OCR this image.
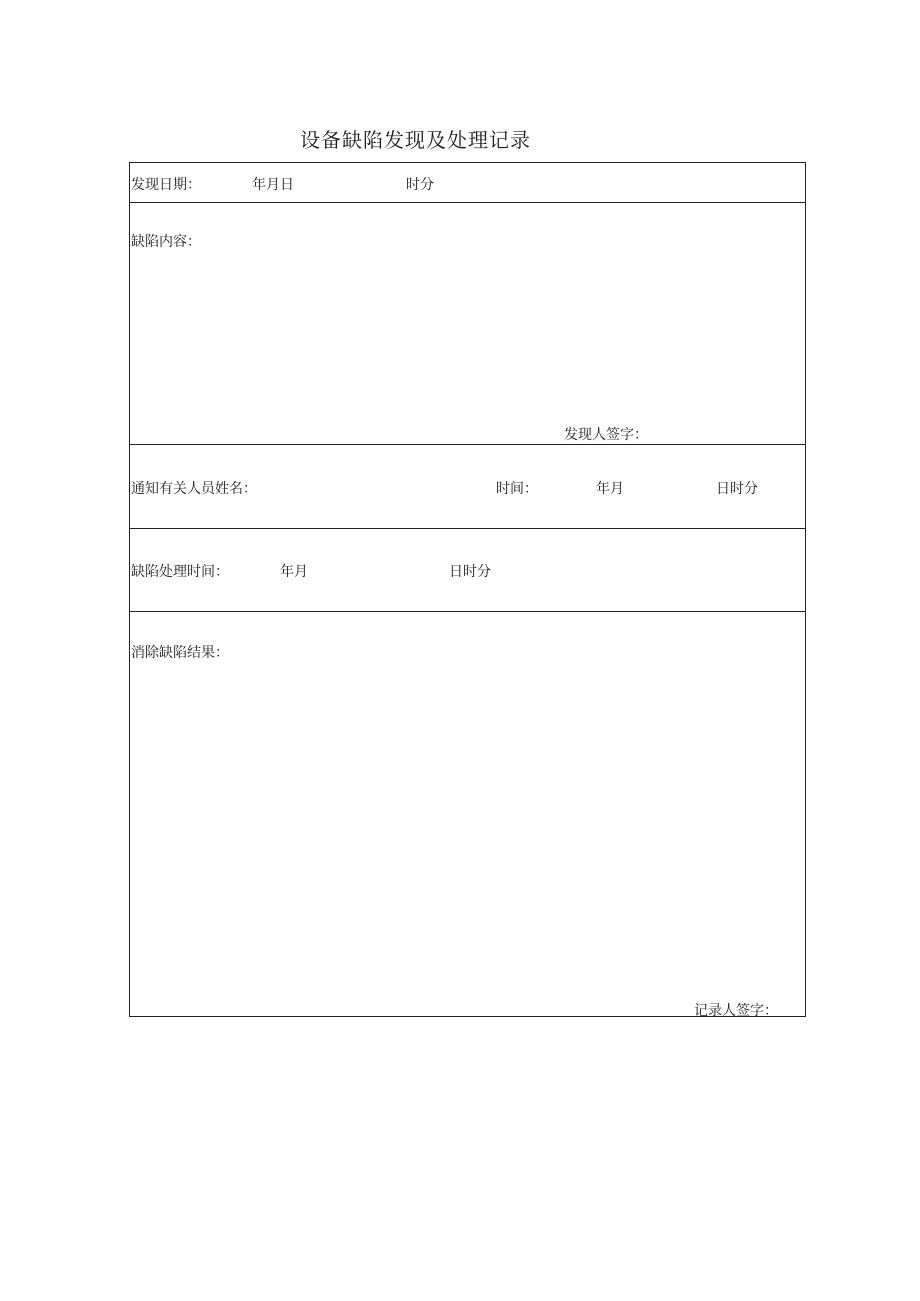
设备缺陷发现及处理记录
发现日期：	年月日	时分
缺陷内容：
发现人签字：
通知有关人员姓名：	时间：	年月	日时分
缺陷处理时间：	年月	日时分
消除缺陷结果：
记录人签字：
